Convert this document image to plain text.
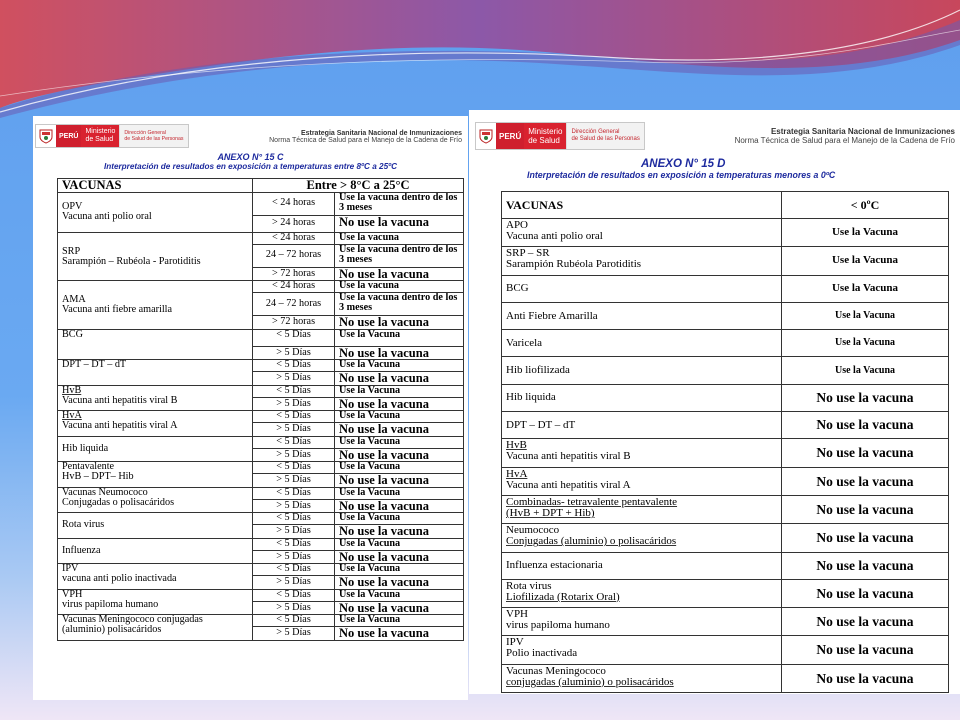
PERÚ
Ministerio
de Salud
Dirección General
de Salud de las Personas
Estrategia Sanitaria Nacional de Inmunizaciones
Norma Técnica de Salud para el Manejo de la Cadena de Frío
ANEXO N° 15 C
Interpretación de resultados en exposición a temperaturas entre 8ºC a 25ºC
VACUNAS	Entre > 8°C a 25°C	

OPV
Vacuna anti polio oral	< 24 horas	Use la vacuna dentro de los 3 meses
	> 24 horas	No use la vacuna

SRP
Sarampión – Rubéola - Parotiditis	< 24 horas	Use la vacuna
	24 – 72 horas	Use la vacuna dentro de los 3 meses
	> 72 horas	No use la vacuna

AMA
Vacuna anti fiebre amarilla	< 24 horas	Use la vacuna
	24 – 72 horas	Use la vacuna dentro de los 3 meses
	> 72 horas	No use la vacuna

BCG	< 5 Días	Use la Vacuna
	> 5 Días	No use la vacuna

DPT – DT – dT	< 5 Días	Use la Vacuna
	> 5 Días	No use la vacuna

HvB
Vacuna anti hepatitis viral B	< 5 Días	Use la Vacuna
	> 5 Días	No use la vacuna

HvA
Vacuna anti hepatitis viral A	< 5 Días	Use la Vacuna
	> 5 Días	No use la vacuna

Hib liquida	< 5 Días	Use la Vacuna
	> 5 Días	No use la vacuna

Pentavalente
HvB – DPT– Hib	< 5 Días	Use la Vacuna
	> 5 Días	No use la vacuna

Vacunas Neumococo
Conjugadas o polisacáridos	< 5 Días	Use la Vacuna
	> 5 Días	No use la vacuna

Rota virus	< 5 Días	Use la Vacuna
	> 5 Días	No use la vacuna

Influenza	< 5 Días	Use la Vacuna
	> 5 Días	No use la vacuna

IPV
vacuna anti polio inactivada	< 5 Días	Use la Vacuna
	> 5 Días	No use la vacuna

VPH
virus papiloma humano	< 5 Días	Use la Vacuna
	> 5 Días	No use la vacuna

Vacunas Meningococo conjugadas
(aluminio) polisacáridos	< 5 Días	Use la Vacuna
	> 5 Días	No use la vacuna
PERÚ Ministerio
de Salud
Dirección General
de Salud de las Personas
Estrategia Sanitaria Nacional de Inmunizaciones
Norma Técnica de Salud para el Manejo de la Cadena de Frío
ANEXO N° 15 D
Interpretación de resultados en exposición a temperaturas menores a 0ºC
VACUNAS	< 0ºC

APO
Vacuna anti polio oral	Use la Vacuna

SRP – SR
Sarampión Rubéola Parotiditis	Use la Vacuna

BCG	Use la Vacuna

Anti Fiebre Amarilla	Use la Vacuna

Varicela	Use la Vacuna

Hib liofilizada	Use la Vacuna

Hib liquida	No use la vacuna

DPT – DT – dT	No use la vacuna

HvB
Vacuna anti hepatitis viral B	No use la vacuna

HvA
Vacuna anti hepatitis viral A	No use la vacuna

Combinadas- tetravalente pentavalente
(HvB + DPT + Hib)	No use la vacuna

Neumococo
Conjugadas (aluminio) o polisacáridos	No use la vacuna

Influenza estacionaria	No use la vacuna

Rota virus
Liofilizada (Rotarix Oral)	No use la vacuna

VPH
virus papiloma humano	No use la vacuna

IPV
Polio inactivada	No use la vacuna

Vacunas Meningococo
conjugadas (aluminio) o polisacáridos	No use la vacuna
